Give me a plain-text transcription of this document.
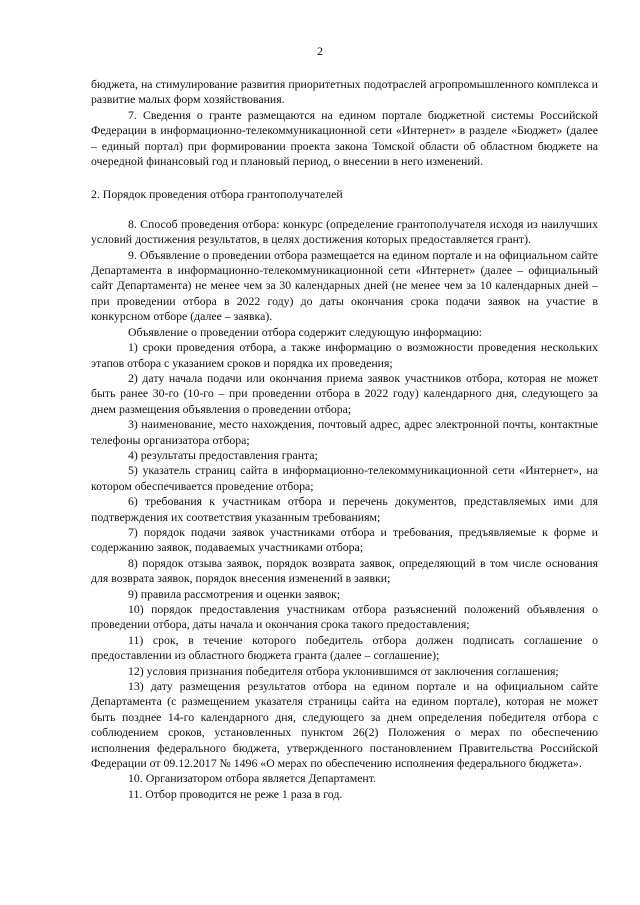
2

бюджета, на стимулирование развития приоритетных подотраслей агропромышленного комплекса и развитие малых форм хозяйствования.

7. Сведения о гранте размещаются на едином портале бюджетной системы Российской Федерации в информационно-телекоммуникационной сети «Интернет» в разделе «Бюджет» (далее – единый портал) при формировании проекта закона Томской области об областном бюджете на очередной финансовый год и плановый период, о внесении в него изменений.

2. Порядок проведения отбора грантополучателей

8. Способ проведения отбора: конкурс (определение грантополучателя исходя из наилучших условий достижения результатов, в целях достижения которых предоставляется грант).

9. Объявление о проведении отбора размещается на едином портале и на официальном сайте Департамента в информационно-телекоммуникационной сети «Интернет» (далее – официальный сайт Департамента) не менее чем за 30 календарных дней (не менее чем за 10 календарных дней – при проведении отбора в 2022 году) до даты окончания срока подачи заявок на участие в конкурсном отборе (далее – заявка).

Объявление о проведении отбора содержит следующую информацию:

1) сроки проведения отбора, а также информацию о возможности проведения нескольких этапов отбора с указанием сроков и порядка их проведения;

2) дату начала подачи или окончания приема заявок участников отбора, которая не может быть ранее 30-го (10-го – при проведении отбора в 2022 году) календарного дня, следующего за днем размещения объявления о проведении отбора;

3) наименование, место нахождения, почтовый адрес, адрес электронной почты, контактные телефоны организатора отбора;

4) результаты предоставления гранта;

5) указатель страниц сайта в информационно-телекоммуникационной сети «Интернет», на котором обеспечивается проведение отбора;

6) требования к участникам отбора и перечень документов, представляемых ими для подтверждения их соответствия указанным требованиям;

7) порядок подачи заявок участниками отбора и требования, предъявляемые к форме и содержанию заявок, подаваемых участниками отбора;

8) порядок отзыва заявок, порядок возврата заявок, определяющий в том числе основания для возврата заявок, порядок внесения изменений в заявки;

9) правила рассмотрения и оценки заявок;

10) порядок предоставления участникам отбора разъяснений положений объявления о проведении отбора, даты начала и окончания срока такого предоставления;

11) срок, в течение которого победитель отбора должен подписать соглашение о предоставлении из областного бюджета гранта (далее – соглашение);

12) условия признания победителя отбора уклонившимся от заключения соглашения;

13) дату размещения результатов отбора на едином портале и на официальном сайте Департамента (с размещением указателя страницы сайта на едином портале), которая не может быть позднее 14-го календарного дня, следующего за днем определения победителя отбора с соблюдением сроков, установленных пунктом 26(2) Положения о мерах по обеспечению исполнения федерального бюджета, утвержденного постановлением Правительства Российской Федерации от 09.12.2017 № 1496 «О мерах по обеспечению исполнения федерального бюджета».

10. Организатором отбора является Департамент.

11. Отбор проводится не реже 1 раза в год.
